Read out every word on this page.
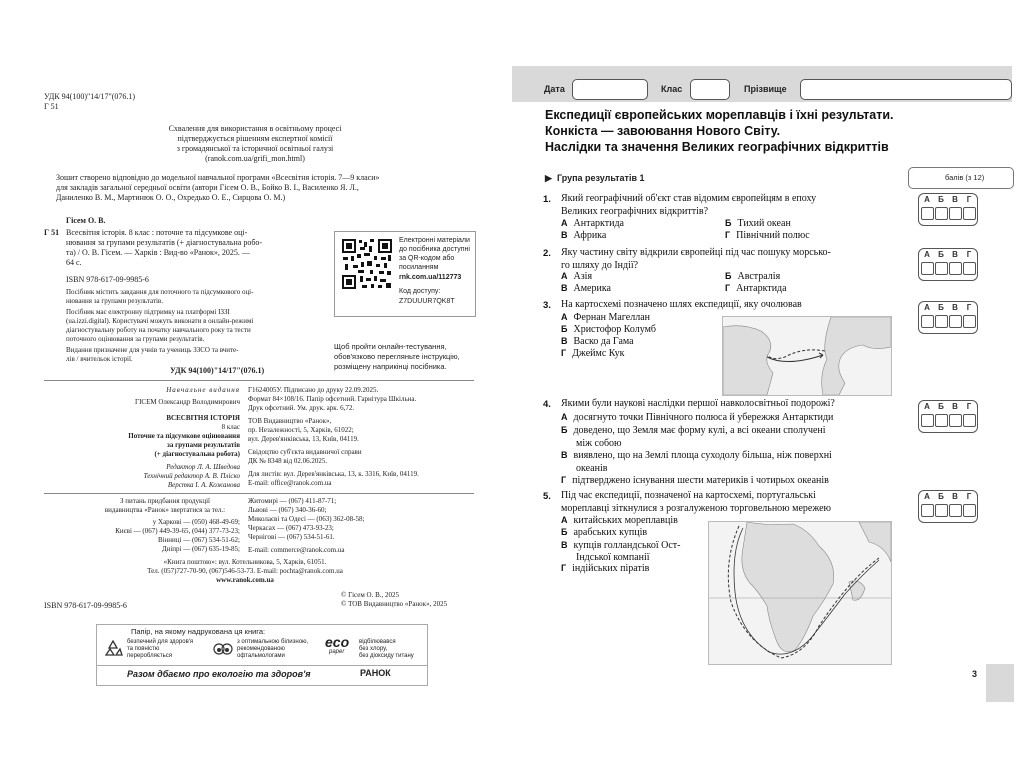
УДК 94(100)"14/17"(076.1)
Г 51
Схвалення для використання в освітньому процесі
підтверджується рішенням експертної комісії
з громадянської та історичної освітньої галузі
(ranok.com.ua/grifi_mon.html)
Зошит створено відповідно до модельної навчальної програми «Всесвітня історія. 7—9 класи»
для закладів загальної середньої освіти (автори Гісем О. В., Бойко В. І., Василенко Я. Л.,
Даниленко В. М., Мартинюк О. О., Охредько О. Е., Сирцова О. М.)
Гісем О. В.
Г 51 Всесвітня історія. 8 клас : поточне та підсумкове оці-
нювання за групами результатів (+ діагностувальна робо-
та) / О. В. Гісем. — Харків : Вид-во «Ранок», 2025. —
64 с.
ISBN 978-617-09-9985-6
Посібник містить завдання для поточного та підсумкового оці-
нювання за групами результатів.
Посібник має електронну підтримку на платформі IЗЗI
(ua.izzi.digital). Користувачі можуть виконати в онлайн-режимі
діагностувальну роботу на початку навчального року та тести
поточного оцінювання за групами результатів.
Видання призначене для учнів та учениць ЗЗСО та вчите-
лів / вчительок історії.
УДК 94(100)"14/17"(076.1)
Електронні матеріали
до посібника доступні
за QR-кодом або
посиланням
rnk.com.ua/112773
Код доступу:
Z7DUUUR7QK8T
Щоб пройти онлайн-тестування,
обов'язково перегляньте інструкцію,
розміщену наприкінці посібника.
Навчальне видання
ГІСЕМ Олександр Володимирович
ВСЕСВІТНЯ ІСТОРІЯ
8 клас
Поточне та підсумкове оцінювання
за групами результатів
(+ діагностувальна робота)
Редактор Л. А. Шведова
Технічний редактор А. В. Пліско
Верстка І. А. Кожанова
Г1624005У. Підписано до друку 22.09.2025.
Формат 84×108/16. Папір офсетний. Гарнітура Шкільна.
Друк офсетний. Ум. друк. арк. 6,72.
ТОВ Видавництво «Ранок»,
пр. Незалежності, 5, Харків, 61022;
вул. Дерев'янківська, 13, Київ, 04119.
Свідоцтво суб'єкта видавничої справи
ДК № 8348 від 02.06.2025.
Для листів: вул. Дерев'янківська, 13, к. 3316, Київ, 04119.
E-mail: office@ranok.com.ua
З питань придбання продукції
видавництва «Ранок» звертатися за тел.:
у Харкові — (050) 468-49-69;
Києві — (067) 449-39-65, (044) 377-73-23;
Вінниці — (067) 534-51-62;
Дніпрі — (067) 635-19-85;
Житомирі — (067) 411-87-71;
Львові — (067) 340-36-60;
Миколаєві та Одесі — (063) 362-08-58;
Черкасах — (067) 473-93-23;
Чернігові — (067) 534-51-61.
E-mail: commerce@ranok.com.ua
«Книга поштою»: вул. Котельникова, 5, Харків, 61051.
Тел. (057)727-70-90, (067)546-53-73. E-mail: pochta@ranok.com.ua
www.ranok.com.ua
ISBN 978-617-09-9985-6
© Гісем О. В., 2025
© ТОВ Видавництво «Ранок», 2025
Папір, на якому надрукована ця книга:
безпечний для здоров'я
та повністю
переробляється
з оптимальною білизною,
рекомендованою
офтальмологами
eco
paper
відбілювався
без хлору,
без діоксиду титану
Разом дбаємо про екологію та здоров'я	РАНОК
Дата	Клас	Прізвище
Експедиції європейських мореплавців і їхні результати.
Конкіста — завоювання Нового Світу.
Наслідки та значення Великих географічних відкриттів
▶ Група результатів 1	балів (з 12)
3
1. Який географічний об'єкт став відомим європейцям в епоху
Великих географічних відкриттів?
А Антарктида	Б Тихий океан
В Африка	Г Північний полюс
2. Яку частину світу відкрили європейці під час пошуку морсько-
го шляху до Індії?
А Азія	Б Австралія
В Америка	Г Антарктида
3. На картосхемі позначено шлях експедиції, яку очолював
А Фернан Магеллан
Б Христофор Колумб
В Васко да Гама
Г Джеймс Кук
4. Якими були наукові наслідки першої навколосвітньої подорожі?
А досягнуто точки Північного полюса й убережжя Антарктиди
Б доведено, що Земля має форму кулі, а всі океани сполучені
між собою
В виявлено, що на Землі площа суходолу більша, ніж поверхні
океанів
Г підтверджено існування шести материків і чотирьох океанів
5. Під час експедиції, позначеної на картосхемі, португальські
мореплавці зіткнулися з розгалуженою торговельною мережею
А китайських мореплавців
Б арабських купців
В купців голландської Ост-
Індської компанії
Г індійських піратів
А	Б	В	Г
А	Б	В	Г
А	Б	В	Г
А	Б	В	Г
А	Б	В	Г
